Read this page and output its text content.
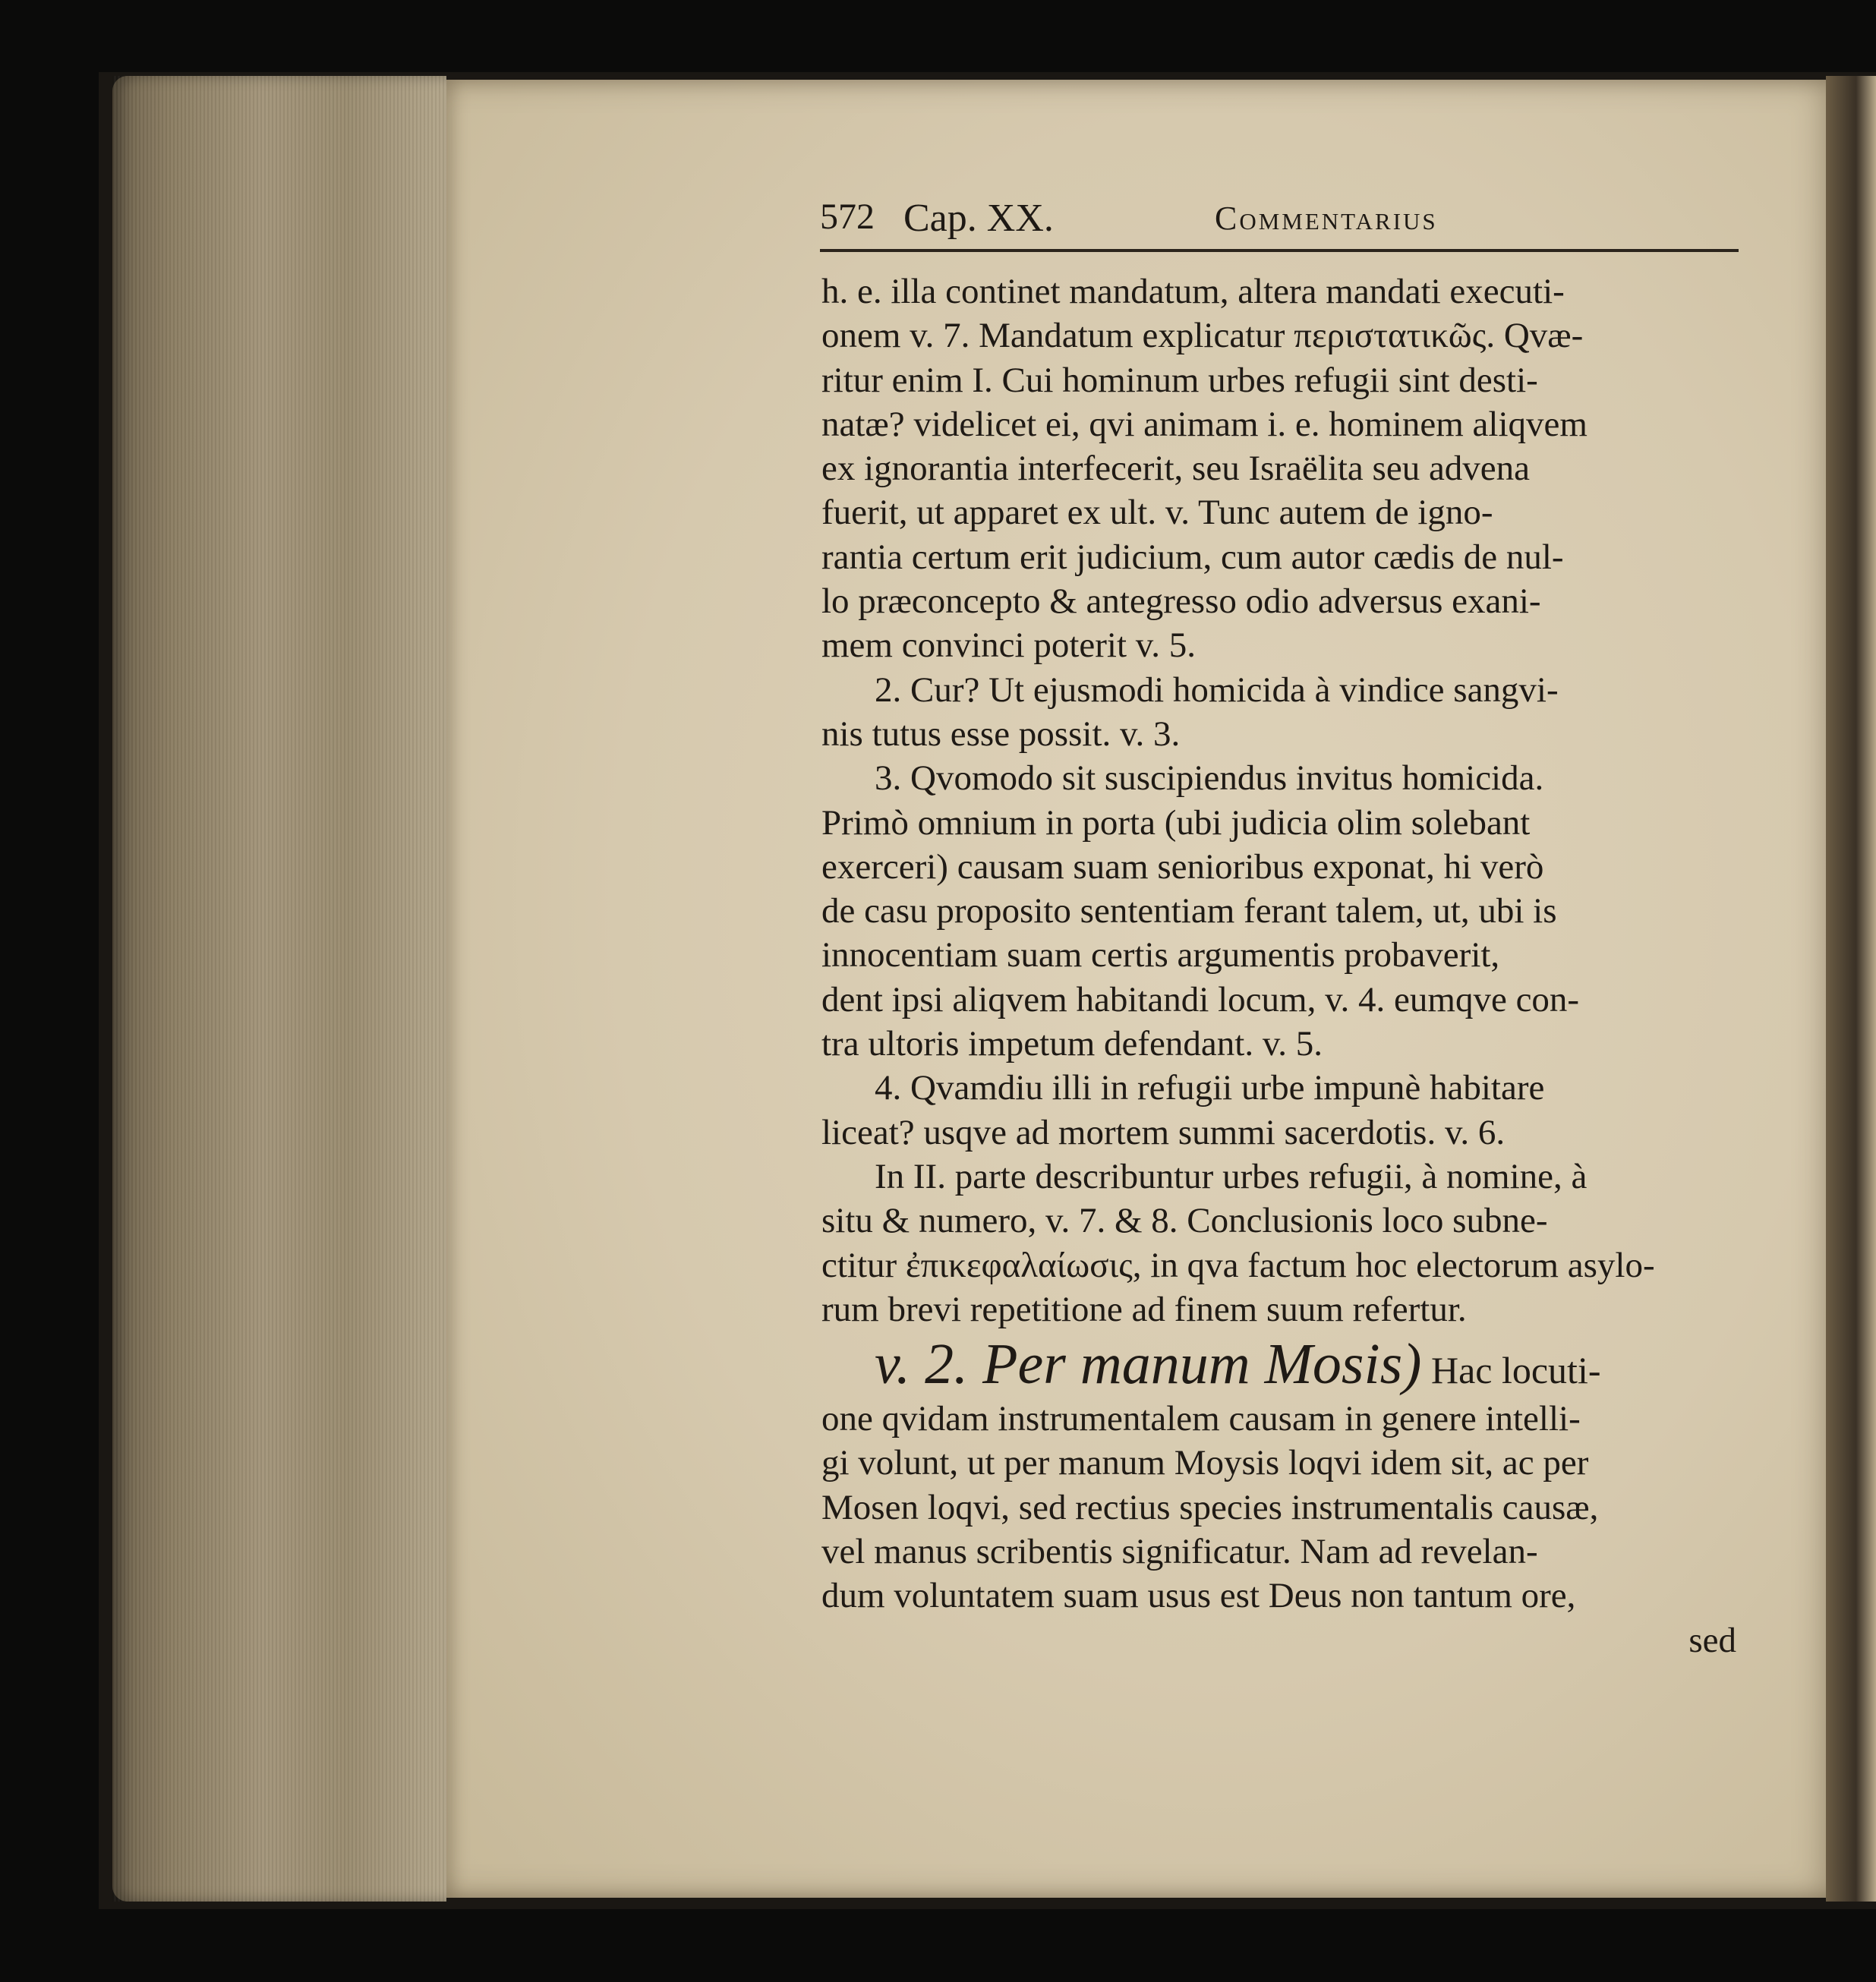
572 Cap. XX.	Commentarius
h. e. illa continet mandatum, altera mandati executi-
onem v. 7. Mandatum explicatur περιστατικῶς. Qvæ-
ritur enim I. Cui hominum urbes refugii sint desti-
natæ? videlicet ei, qvi animam i. e. hominem aliqvem
ex ignorantia interfecerit, seu Israëlita seu advena
fuerit, ut apparet ex ult. v. Tunc autem de igno-
rantia certum erit judicium, cum autor cædis de nul-
lo præconcepto & antegresso odio adversus exani-
mem convinci poterit v. 5.
2. Cur? Ut ejusmodi homicida à vindice sangvi-
nis tutus esse possit. v. 3.
3. Qvomodo sit suscipiendus invitus homicida.
Primò omnium in porta (ubi judicia olim solebant
exerceri) causam suam senioribus exponat, hi verò
de casu proposito sententiam ferant talem, ut, ubi is
innocentiam suam certis argumentis probaverit,
dent ipsi aliqvem habitandi locum, v. 4. eumqve con-
tra ultoris impetum defendant. v. 5.
4. Qvamdiu illi in refugii urbe impunè habitare
liceat? usqve ad mortem summi sacerdotis. v. 6.
In II. parte describuntur urbes refugii, à nomine, à
situ & numero, v. 7. & 8. Conclusionis loco subne-
ctitur ἐπικεφαλαίωσις, in qva factum hoc electorum asylo-
rum brevi repetitione ad finem suum refertur.
v. 2. Per manum Mosis) Hac locuti-
one qvidam instrumentalem causam in genere intelli-
gi volunt, ut per manum Moysis loqvi idem sit, ac per
Mosen loqvi, sed rectius species instrumentalis causæ,
vel manus scribentis significatur. Nam ad revelan-
dum voluntatem suam usus est Deus non tantum ore,
sed
